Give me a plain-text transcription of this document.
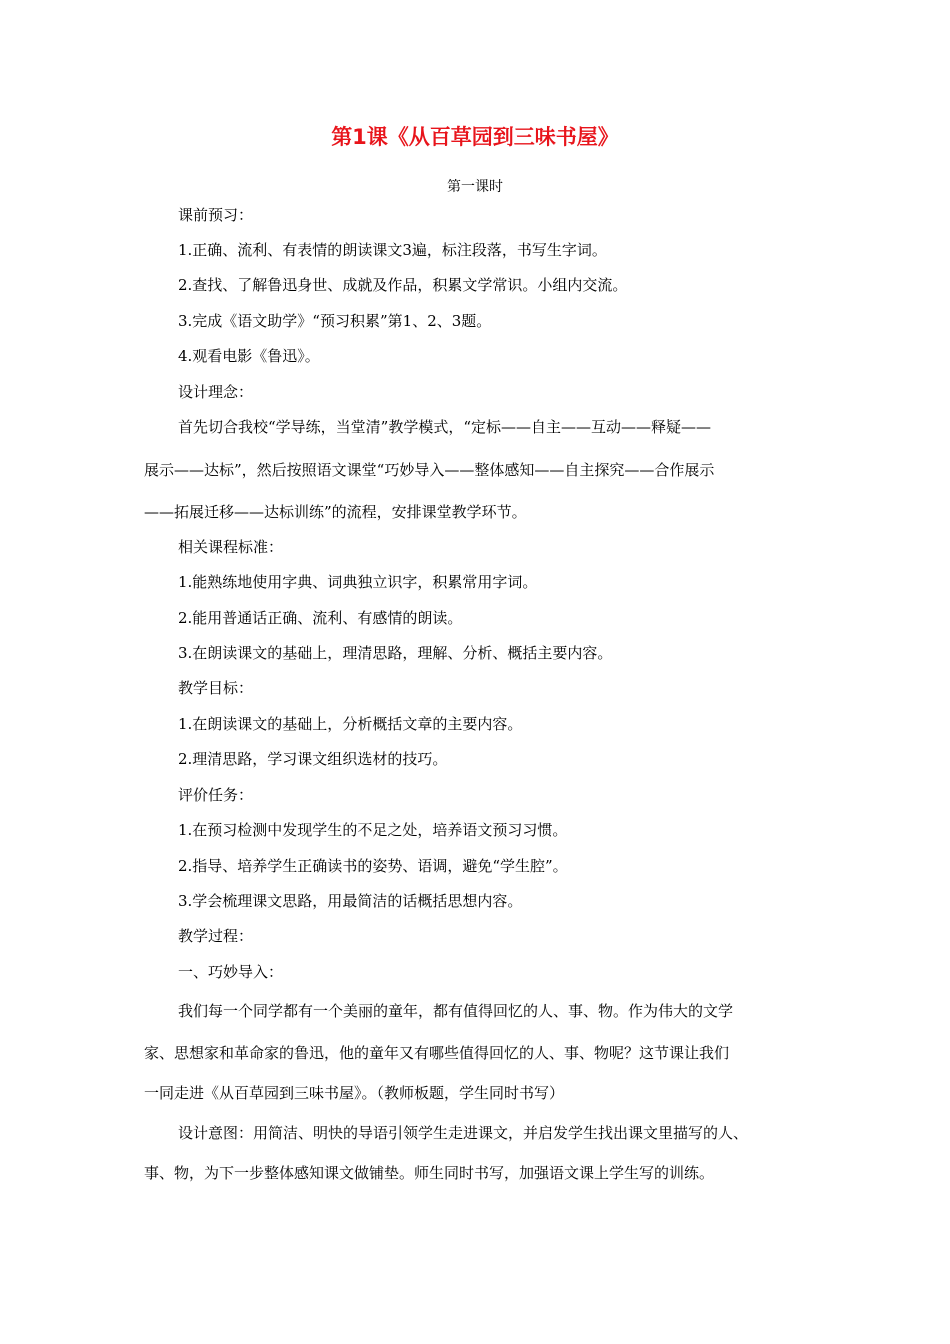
第1课《从百草园到三味书屋》
第一课时
课前预习：
1.正确、流利、有表情的朗读课文3遍，标注段落，书写生字词。
2.查找、了解鲁迅身世、成就及作品，积累文学常识。小组内交流。
3.完成《语文助学》“预习积累”第1、2、3题。
4.观看电影《鲁迅》。
设计理念：
首先切合我校“学导练，当堂清”教学模式，“定标——自主——互动——释疑——
展示——达标”，然后按照语文课堂“巧妙导入——整体感知——自主探究——合作展示
——拓展迁移——达标训练”的流程，安排课堂教学环节。
相关课程标准：
1.能熟练地使用字典、词典独立识字，积累常用字词。
2.能用普通话正确、流利、有感情的朗读。
3.在朗读课文的基础上，理清思路，理解、分析、概括主要内容。
教学目标：
1.在朗读课文的基础上，分析概括文章的主要内容。
2.理清思路，学习课文组织选材的技巧。
评价任务：
1.在预习检测中发现学生的不足之处，培养语文预习习惯。
2.指导、培养学生正确读书的姿势、语调，避免“学生腔”。
3.学会梳理课文思路，用最简洁的话概括思想内容。
教学过程：
一、巧妙导入：
我们每一个同学都有一个美丽的童年，都有值得回忆的人、事、物。作为伟大的文学
家、思想家和革命家的鲁迅，他的童年又有哪些值得回忆的人、事、物呢？这节课让我们
一同走进《从百草园到三味书屋》。（教师板题，学生同时书写）
设计意图：用简洁、明快的导语引领学生走进课文，并启发学生找出课文里描写的人、
事、物，为下一步整体感知课文做铺垫。师生同时书写，加强语文课上学生写的训练。
